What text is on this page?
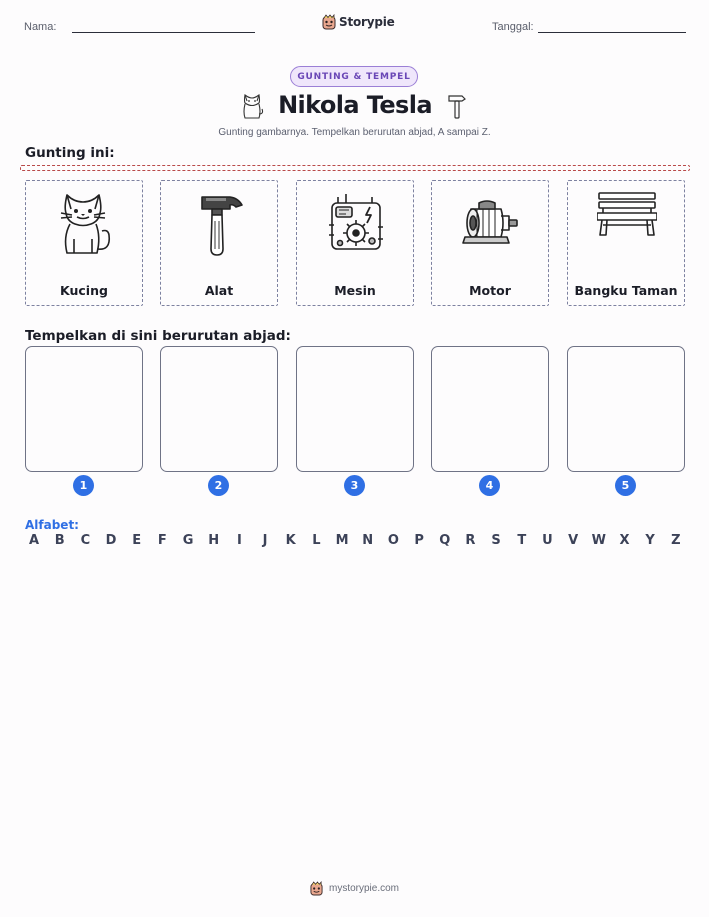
Nama:	Storypie	Tanggal:
GUNTING & TEMPEL
Nikola Tesla
Gunting gambarnya. Tempelkan berurutan abjad, A sampai Z.
Gunting ini:
Kucing	Alat	Mesin	Motor	Bangku Taman
Tempelkan di sini berurutan abjad:
1	2	3	4	5
Alfabet:
A	B	C	D	E	F	G H	I	J	K	L	M N O	P	Q	R	S	T	U	V	W	X	Y	Z
mystorypie.com
